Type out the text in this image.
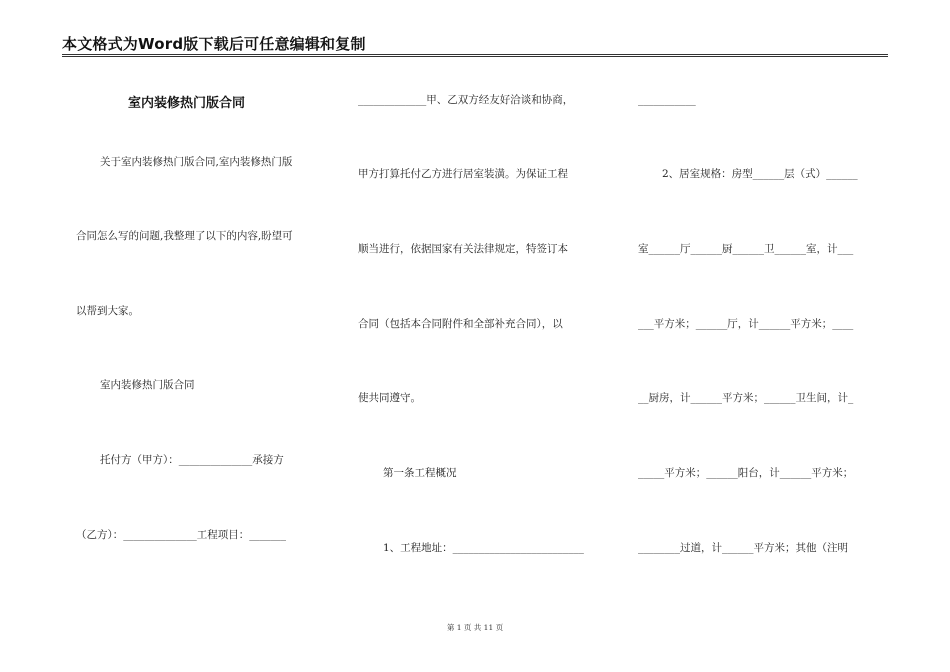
本文格式为Word版下载后可任意编辑和复制
室内装修热门版合同
关于室内装修热门版合同,室内装修热门版
合同怎么写的问题,我整理了以下的内容,盼望可
以帮到大家。
室内装修热门版合同
托付方（甲方）：______________承接方
（乙方）：______________工程项目：_______
_____________甲、乙双方经友好洽谈和协商，
甲方打算托付乙方进行居室装潢。为保证工程
顺当进行，依据国家有关法律规定，特签订本
合同（包括本合同附件和全部补充合同），以
使共同遵守。
第一条工程概况
1、工程地址：_________________________
___________
2、居室规格：房型______层（式）______
室______厅______厨______卫______室，计___
___平方米；______厅，计______平方米；____
__厨房，计______平方米；______卫生间，计_
_____平方米；______阳台，计______平方米；
________过道，计______平方米；其他（注明
第 1 页 共 11 页
